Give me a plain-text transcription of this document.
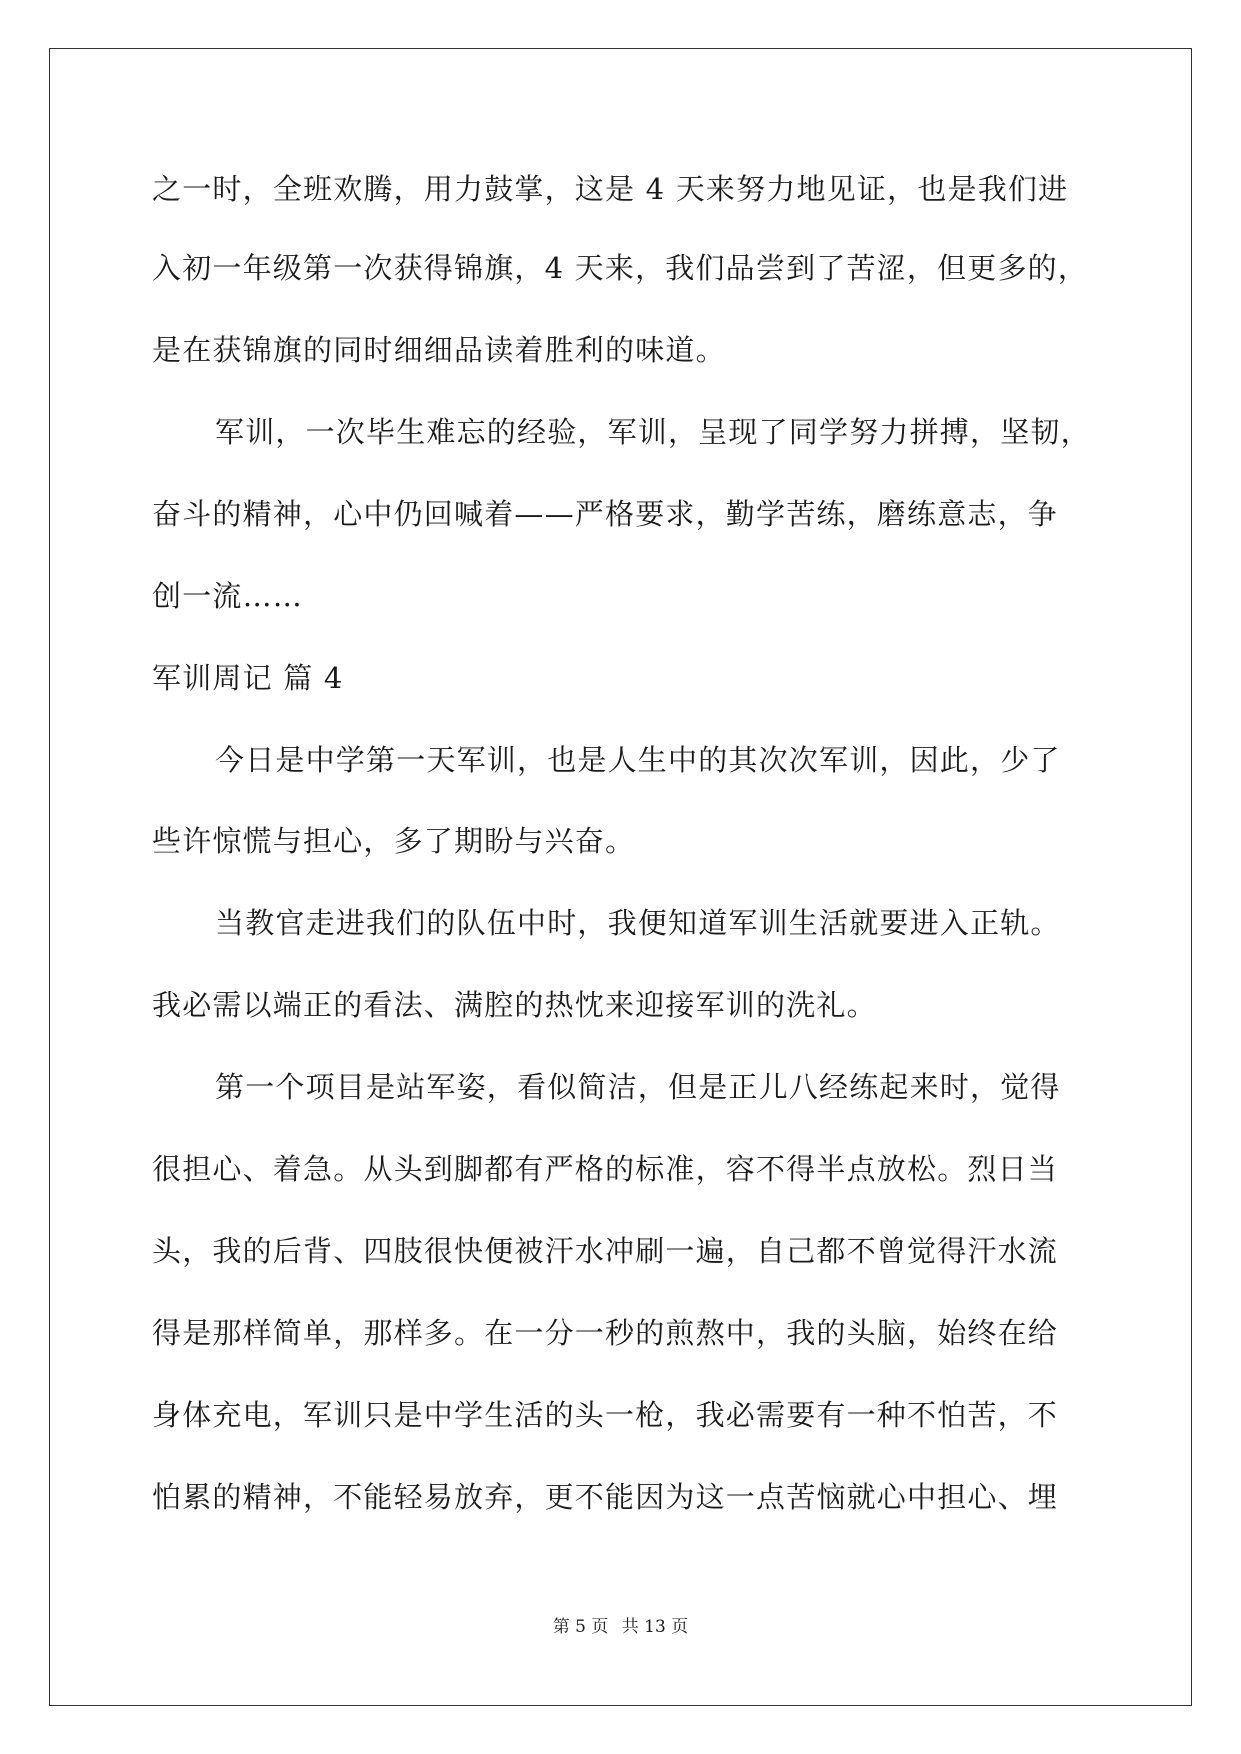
之一时，全班欢腾，用力鼓掌，这是 4 天来努力地见证，也是我们进
入初一年级第一次获得锦旗，4 天来，我们品尝到了苦涩，但更多的，
是在获锦旗的同时细细品读着胜利的味道。
军训，一次毕生难忘的经验，军训，呈现了同学努力拼搏，坚韧，
奋斗的精神，心中仍回喊着——严格要求，勤学苦练，磨练意志，争
创一流……
军训周记 篇 4
今日是中学第一天军训，也是人生中的其次次军训，因此，少了
些许惊慌与担心，多了期盼与兴奋。
当教官走进我们的队伍中时，我便知道军训生活就要进入正轨。
我必需以端正的看法、满腔的热忱来迎接军训的洗礼。
第一个项目是站军姿，看似简洁，但是正儿八经练起来时，觉得
很担心、着急。从头到脚都有严格的标准，容不得半点放松。烈日当
头，我的后背、四肢很快便被汗水冲刷一遍，自己都不曾觉得汗水流
得是那样简单，那样多。在一分一秒的煎熬中，我的头脑，始终在给
身体充电，军训只是中学生活的头一枪，我必需要有一种不怕苦，不
怕累的精神，不能轻易放弃，更不能因为这一点苦恼就心中担心、埋
第 5 页 共 13 页
